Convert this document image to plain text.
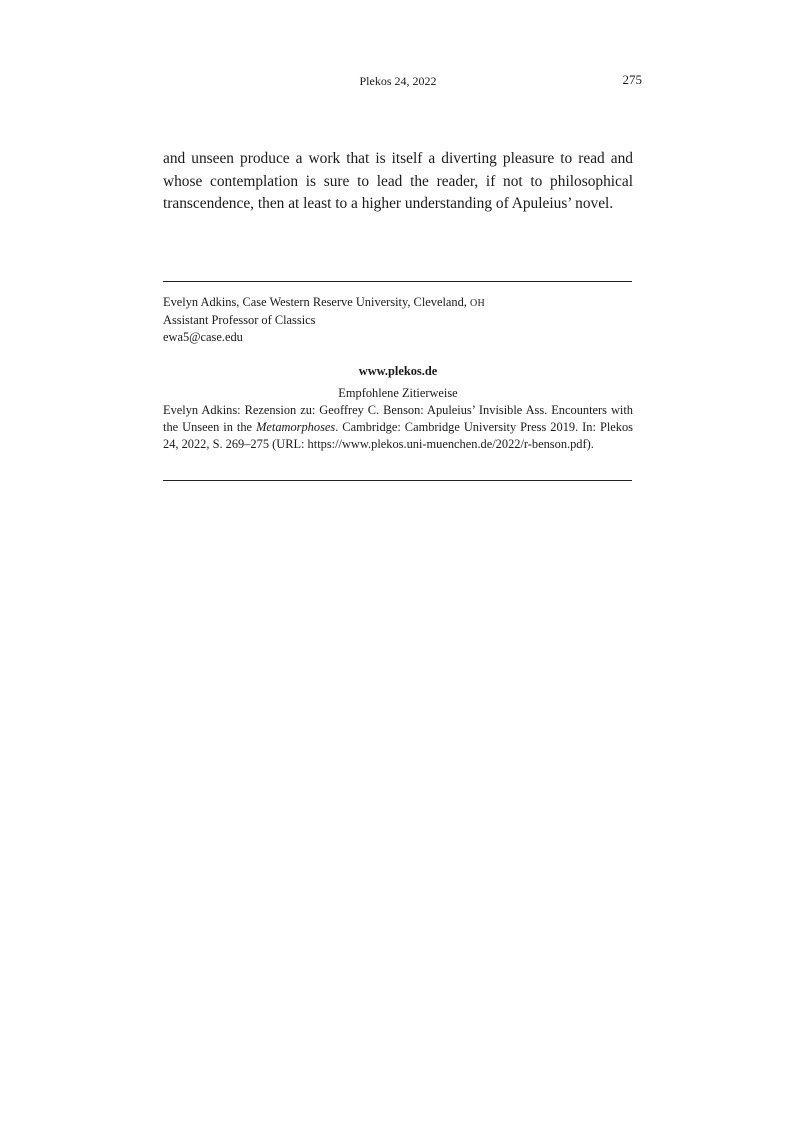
Plekos 24, 2022	275

and unseen produce a work that is itself a diverting pleasure to read and whose contemplation is sure to lead the reader, if not to philosophical transcendence, then at least to a higher understanding of Apuleius’ novel.

Evelyn Adkins, Case Western Reserve University, Cleveland, OH
Assistant Professor of Classics
ewa5@case.edu
www.plekos.de
Empfohlene Zitierweise

Evelyn Adkins: Rezension zu: Geoffrey C. Benson: Apuleius’ Invisible Ass. Encounters with the Unseen in the Metamorphoses. Cambridge: Cambridge University Press 2019. In: Plekos 24, 2022, S. 269–275 (URL: https://www.plekos.uni-muenchen.de/2022/r-benson.pdf).
